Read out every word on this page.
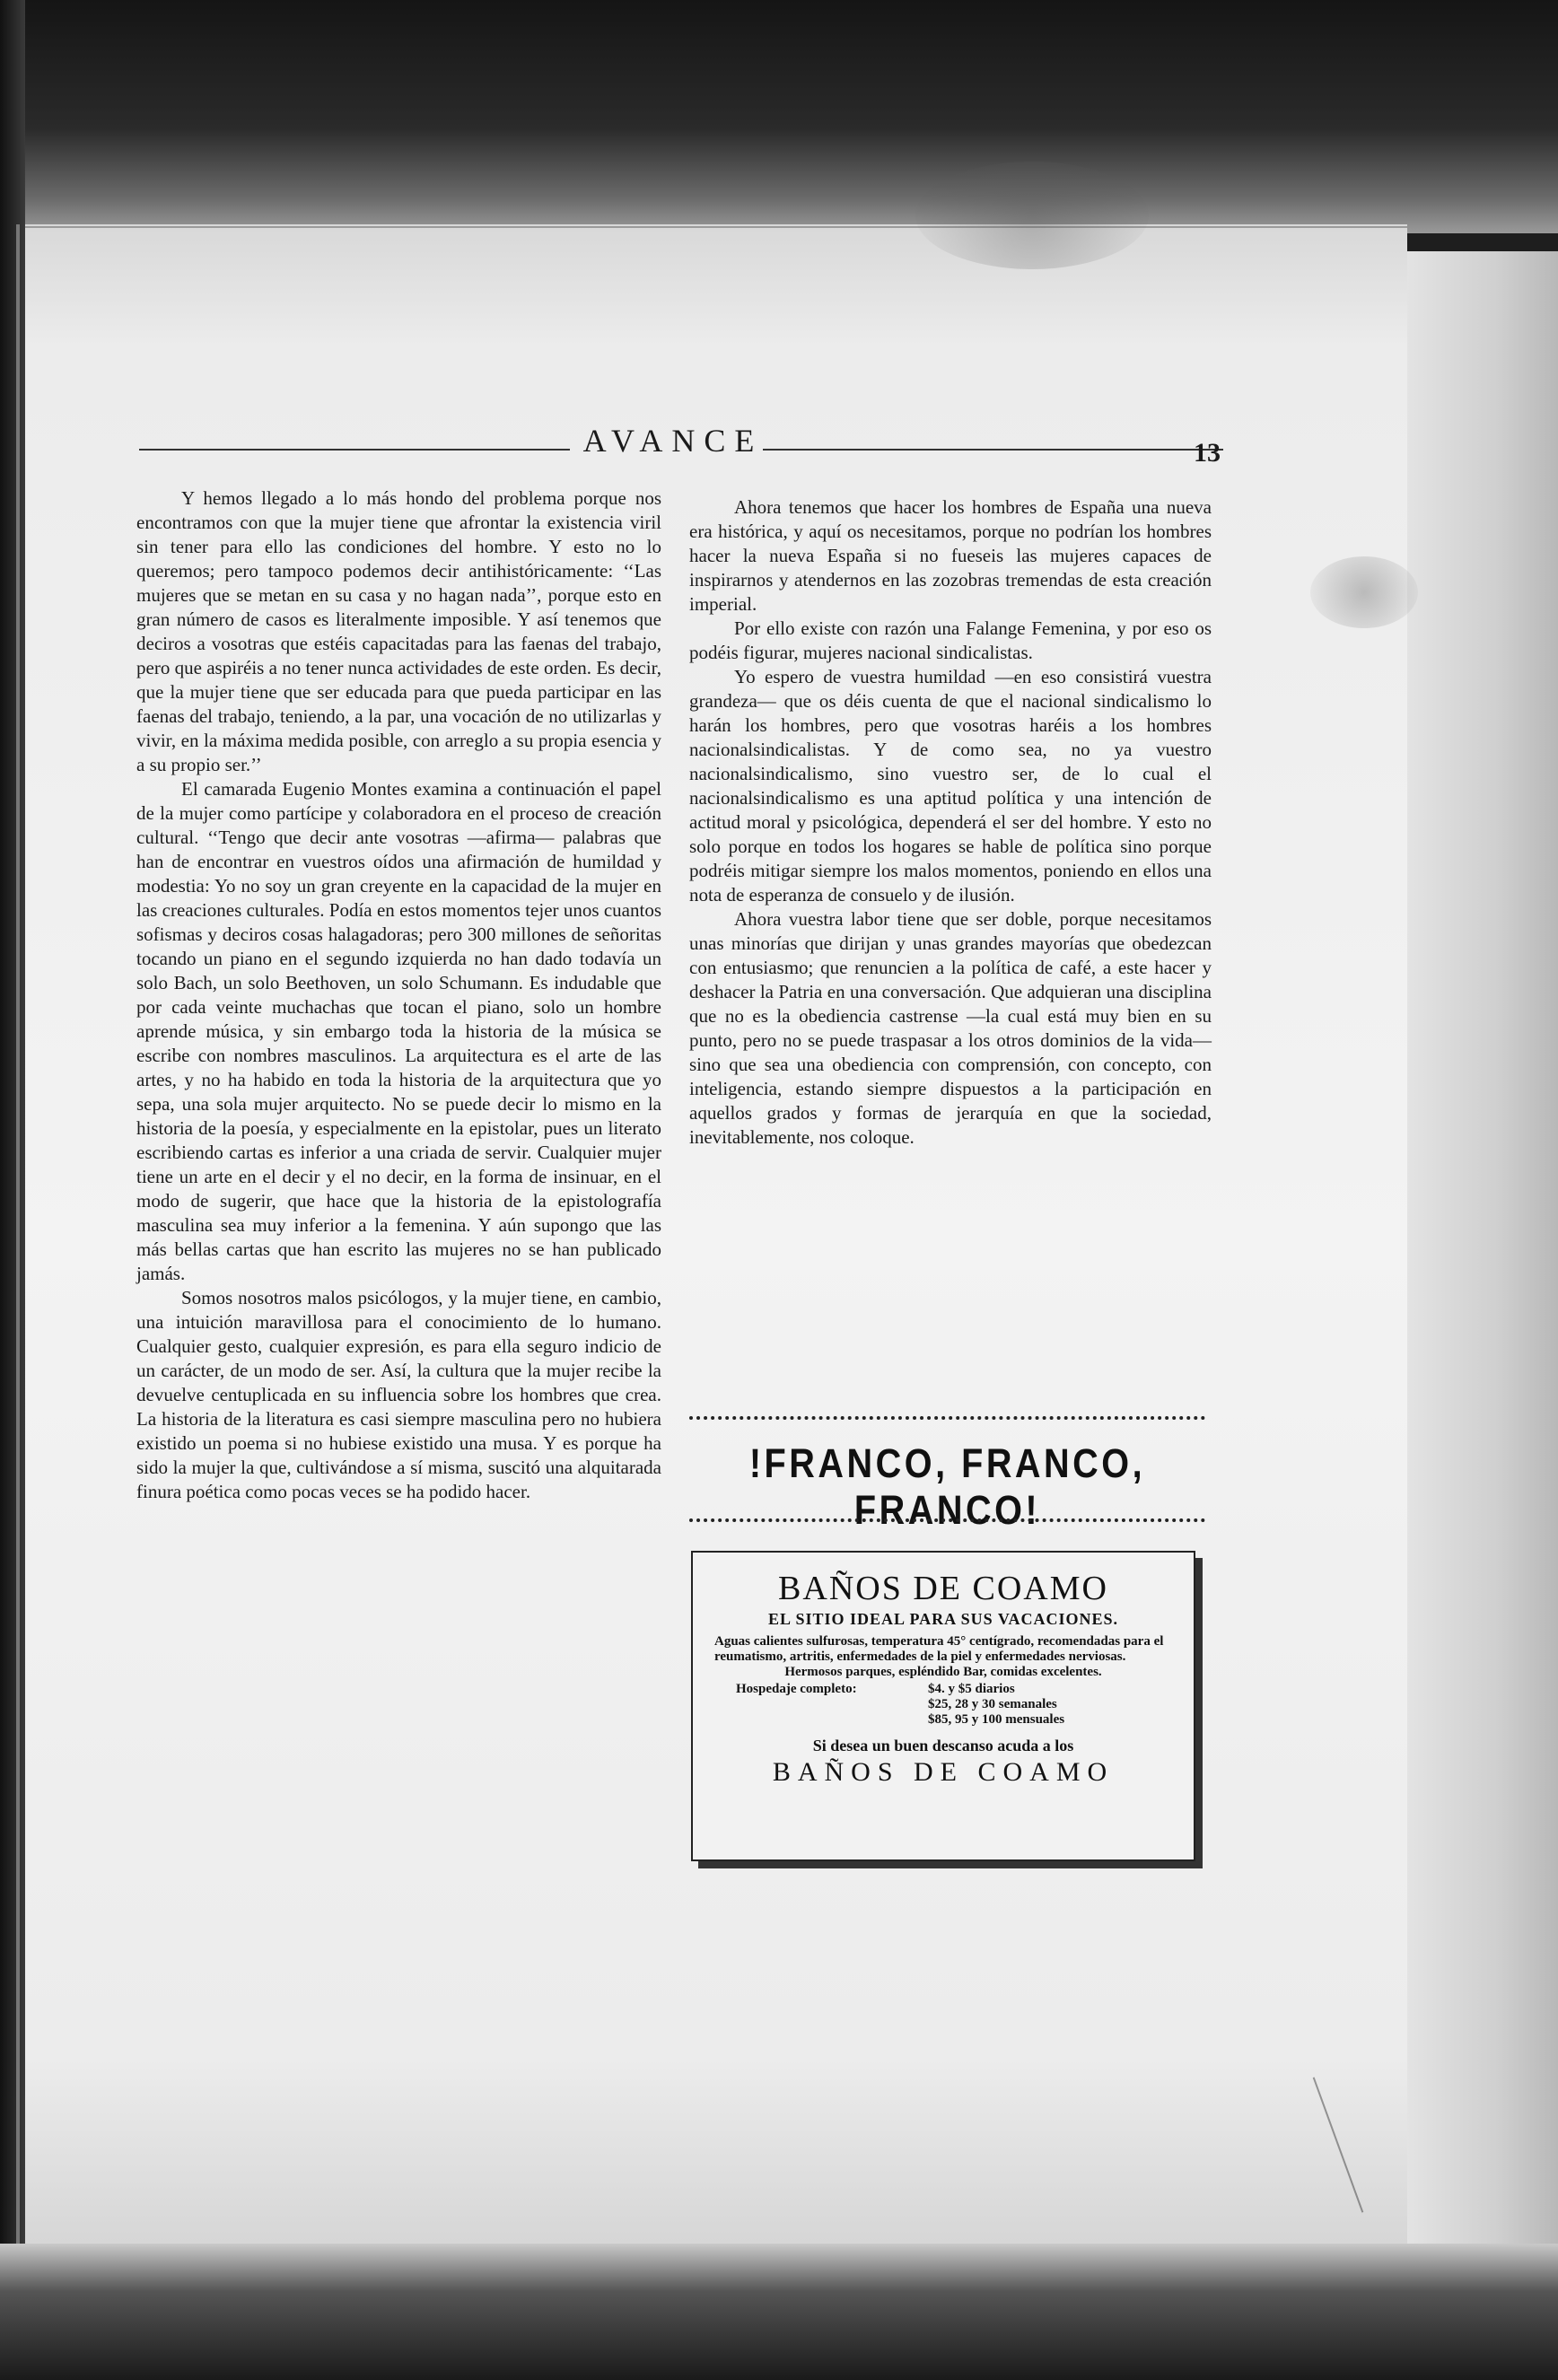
AVANCE	13

Y hemos llegado a lo más hondo del problema porque nos encontramos con que la mujer tiene que afrontar la existencia viril sin tener para ello las condiciones del hombre. Y esto no lo queremos; pero tampoco podemos decir antihistóricamente: ‘‘Las mujeres que se metan en su casa y no hagan nada’’, porque esto en gran número de casos es literalmente imposible. Y así tenemos que deciros a vosotras que estéis capacitadas para las faenas del trabajo, pero que aspiréis a no tener nunca actividades de este orden. Es decir, que la mujer tiene que ser educada para que pueda participar en las faenas del trabajo, teniendo, a la par, una vocación de no utilizarlas y vivir, en la máxima medida posible, con arreglo a su propia esencia y a su propio ser.’’

El camarada Eugenio Montes examina a continuación el papel de la mujer como partícipe y colaboradora en el proceso de creación cultural. ‘‘Tengo que decir ante vosotras —afirma— palabras que han de encontrar en vuestros oídos una afirmación de humildad y modestia: Yo no soy un gran creyente en la capacidad de la mujer en las creaciones culturales. Podía en estos momentos tejer unos cuantos sofismas y deciros cosas halagadoras; pero 300 millones de señoritas tocando un piano en el segundo izquierda no han dado todavía un solo Bach, un solo Beethoven, un solo Schumann. Es indudable que por cada veinte muchachas que tocan el piano, solo un hombre aprende música, y sin embargo toda la historia de la música se escribe con nombres masculinos. La arquitectura es el arte de las artes, y no ha habido en toda la historia de la arquitectura que yo sepa, una sola mujer arquitecto. No se puede decir lo mismo en la historia de la poesía, y especialmente en la epistolar, pues un literato escribiendo cartas es inferior a una criada de servir. Cualquier mujer tiene un arte en el decir y el no decir, en la forma de insinuar, en el modo de sugerir, que hace que la historia de la epistolografía masculina sea muy inferior a la femenina. Y aún supongo que las más bellas cartas que han escrito las mujeres no se han publicado jamás.

Somos nosotros malos psicólogos, y la mujer tiene, en cambio, una intuición maravillosa para el conocimiento de lo humano. Cualquier gesto, cualquier expresión, es para ella seguro indicio de un carácter, de un modo de ser. Así, la cultura que la mujer recibe la devuelve centuplicada en su influencia sobre los hombres que crea. La historia de la literatura es casi siempre masculina pero no hubiera existido un poema si no hubiese existido una musa. Y es porque ha sido la mujer la que, cultivándose a sí misma, suscitó una alquitarada finura poética como pocas veces se ha podido hacer.

Ahora tenemos que hacer los hombres de España una nueva era histórica, y aquí os necesitamos, porque no podrían los hombres hacer la nueva España si no fueseis las mujeres capaces de inspirarnos y atendernos en las zozobras tremendas de esta creación imperial.

Por ello existe con razón una Falange Femenina, y por eso os podéis figurar, mujeres nacional sindicalistas.

Yo espero de vuestra humildad —en eso consistirá vuestra grandeza— que os déis cuenta de que el nacional sindicalismo lo harán los hombres, pero que vosotras haréis a los hombres nacionalsindicalistas. Y de como sea, no ya vuestro nacionalsindicalismo, sino vuestro ser, de lo cual el nacionalsindicalismo es una aptitud política y una intención de actitud moral y psicológica, dependerá el ser del hombre. Y esto no solo porque en todos los hogares se hable de política sino porque podréis mitigar siempre los malos momentos, poniendo en ellos una nota de esperanza de consuelo y de ilusión.

Ahora vuestra labor tiene que ser doble, porque necesitamos unas minorías que dirijan y unas grandes mayorías que obedezcan con entusiasmo; que renuncien a la política de café, a este hacer y deshacer la Patria en una conversación. Que adquieran una disciplina que no es la obediencia castrense —la cual está muy bien en su punto, pero no se puede traspasar a los otros dominios de la vida— sino que sea una obediencia con comprensión, con concepto, con inteligencia, estando siempre dispuestos a la participación en aquellos grados y formas de jerarquía en que la sociedad, inevitablemente, nos coloque.

!FRANCO, FRANCO, FRANCO!
BAÑOS DE COAMO
EL SITIO IDEAL PARA SUS VACACIONES.
Aguas calientes sulfurosas, temperatura 45° centígrado, recomendadas para el reumatismo, artritis, enfermedades de la piel y enfermedades nerviosas.
Hermosos parques, espléndido Bar, comidas excelentes.
Hospedaje completo:	$4. y $5 diarios
$25, 28 y 30 semanales
$85, 95 y 100 mensuales
Si desea un buen descanso acuda a los
BAÑOS DE COAMO
